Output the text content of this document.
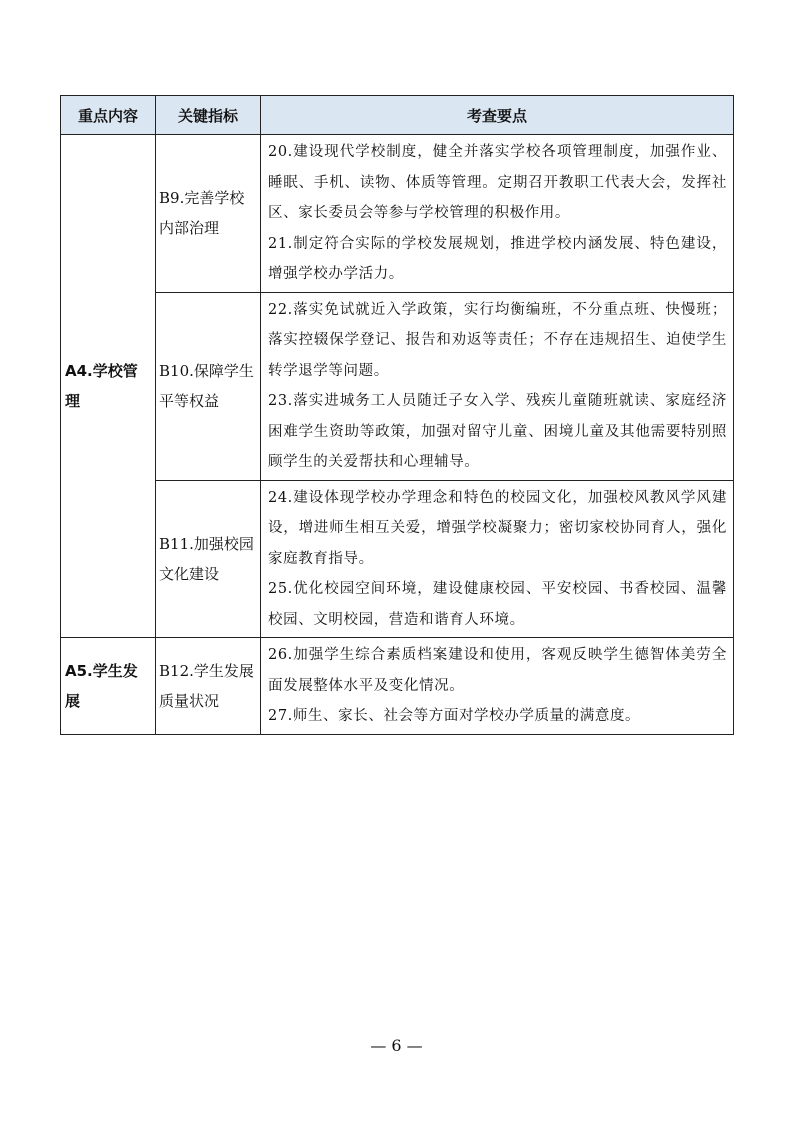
重点内容	关键指标	考查要点
A4.学校管理	B9.完善学校内部治理	20.建设现代学校制度，健全并落实学校各项管理制度，加强作业、睡眠、手机、读物、体质等管理。定期召开教职工代表大会，发挥社区、家长委员会等参与学校管理的积极作用。
21.制定符合实际的学校发展规划，推进学校内涵发展、特色建设，增强学校办学活力。

	B10.保障学生平等权益	22.落实免试就近入学政策，实行均衡编班，不分重点班、快慢班；落实控辍保学登记、报告和劝返等责任；不存在违规招生、迫使学生转学退学等问题。
23.落实进城务工人员随迁子女入学、残疾儿童随班就读、家庭经济困难学生资助等政策，加强对留守儿童、困境儿童及其他需要特别照顾学生的关爱帮扶和心理辅导。

	B11.加强校园文化建设	24.建设体现学校办学理念和特色的校园文化，加强校风教风学风建设，增进师生相互关爱，增强学校凝聚力；密切家校协同育人，强化家庭教育指导。
25.优化校园空间环境，建设健康校园、平安校园、书香校园、温馨校园、文明校园，营造和谐育人环境。

A5.学生发展	B12.学生发展质量状况	26.加强学生综合素质档案建设和使用，客观反映学生德智体美劳全面发展整体水平及变化情况。
27.师生、家长、社会等方面对学校办学质量的满意度。
— 6 —
